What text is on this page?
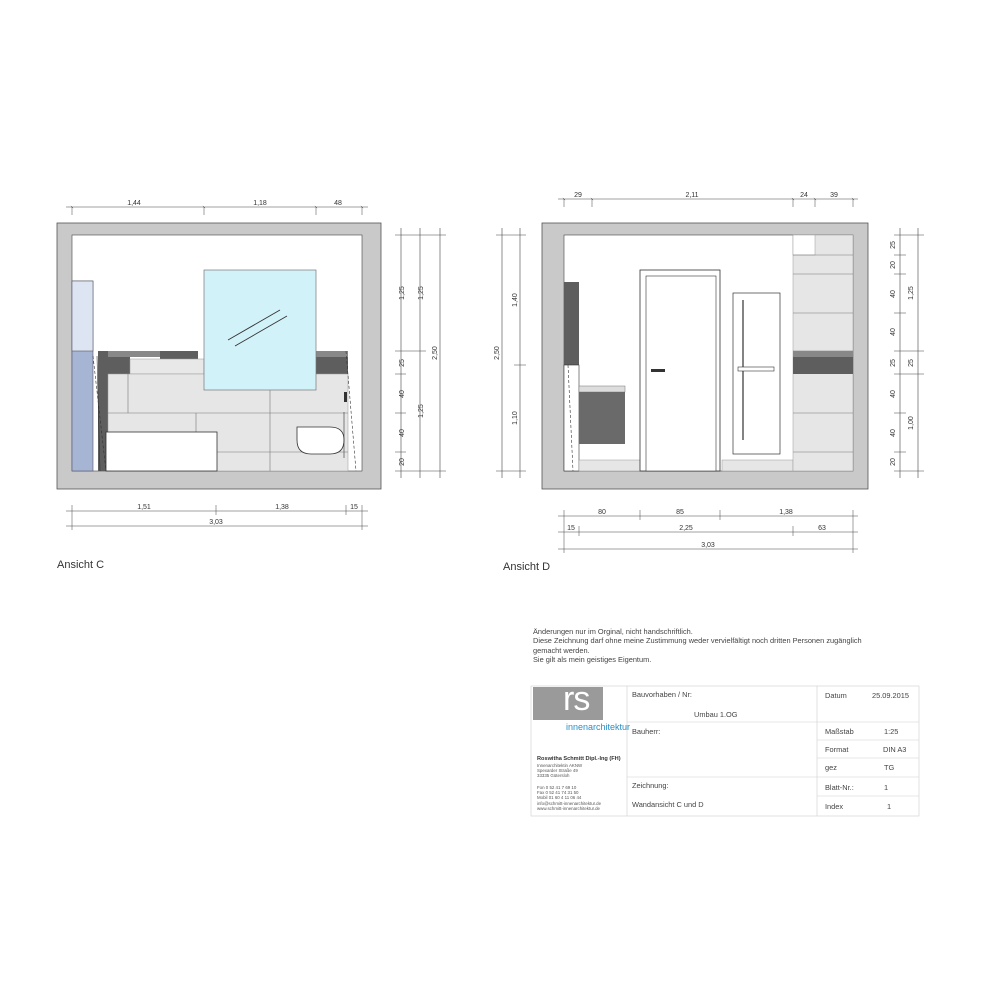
1,44	1,18	48
1,25
25
40
40
20
1,25
1,25
2,50
1,51	1,38	15
3,03
29	2,11	24	39
1,40
1,10
2,50
25
20
40
40
25
40
40
20
1,25
25
1,00
80	85	1,38
15	2,25	63
3,03
Ansicht C	Ansicht D
Änderungen nur im Orginal, nicht handschriftlich.
Diese Zeichnung darf ohne meine Zustimmung weder vervielfältigt noch dritten Personen zugänglich
gemacht werden.
Sie gilt als mein geistiges Eigentum.
rs
innenarchitektur
Roswitha Schmitt Dipl.-Ing (FH)
Innenarchitektin AKNW
Spexarder Straße 49
33335 Gütersloh
Fon 0 52 41 7 69 10
Fax 0 52 41 74 31 50
Mobil 01 60 4 11 06 44
info@schmitt-innenarchitektur.de
www.schmitt-innenarchitektur.de
Bauvorhaben / Nr:
Umbau 1.OG
Bauherr:
Zeichnung:
Wandansicht C und D
Datum	25.09.2015
Maßstab	1:25
Format	DIN A3
gez	TG
Blatt-Nr.:	1
Index	1
